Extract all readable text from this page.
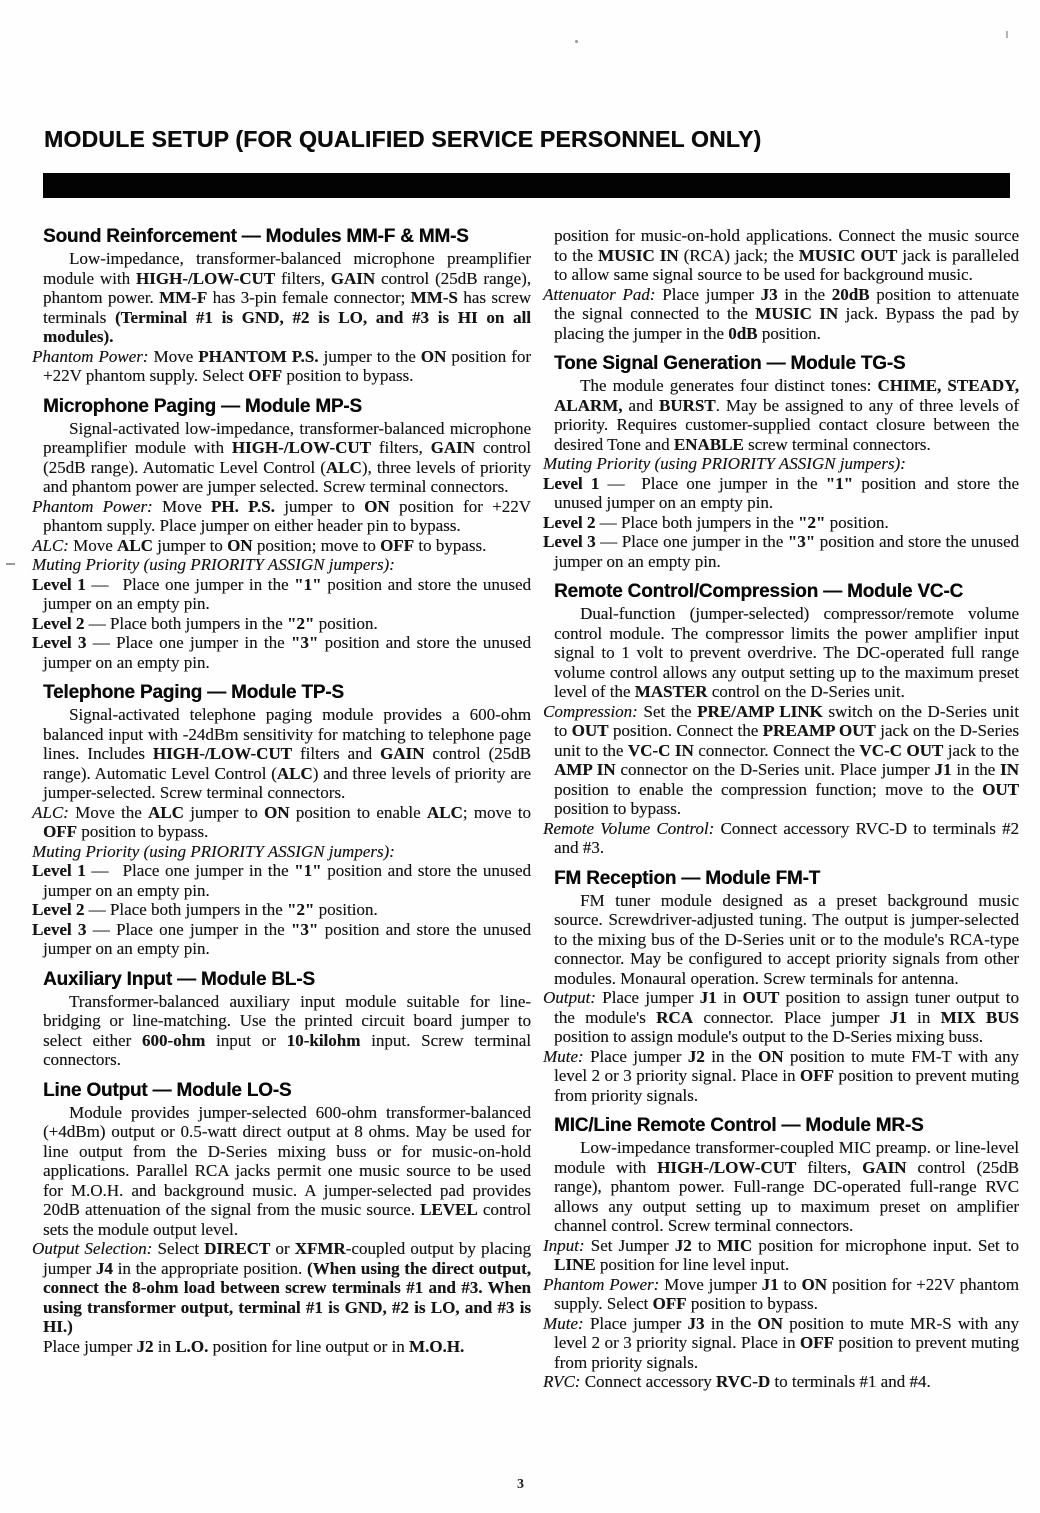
MODULE SETUP (FOR QUALIFIED SERVICE PERSONNEL ONLY)
Sound Reinforcement — Modules MM-F & MM-S

Low-impedance, transformer-balanced microphone preamplifier module with HIGH-/LOW-CUT filters, GAIN control (25dB range), phantom power. MM-F has 3-pin female connector; MM-S has screw terminals (Terminal #1 is GND, #2 is LO, and #3 is HI on all modules).

Phantom Power: Move PHANTOM P.S. jumper to the ON position for +22V phantom supply. Select OFF position to bypass.

Microphone Paging — Module MP-S

Signal-activated low-impedance, transformer-balanced microphone preamplifier module with HIGH-/LOW-CUT filters, GAIN control (25dB range). Automatic Level Control (ALC), three levels of priority and phantom power are jumper selected. Screw terminal connectors.

Phantom Power: Move PH. P.S. jumper to ON position for +22V phantom supply. Place jumper on either header pin to bypass.

ALC: Move ALC jumper to ON position; move to OFF to bypass.

Muting Priority (using PRIORITY ASSIGN jumpers):

Level 1 —  Place one jumper in the "1" position and store the unused jumper on an empty pin.

Level 2 — Place both jumpers in the "2" position.

Level 3 — Place one jumper in the "3" position and store the unused jumper on an empty pin.

Telephone Paging — Module TP-S

Signal-activated telephone paging module provides a 600-ohm balanced input with -24dBm sensitivity for matching to telephone page lines. Includes HIGH-/LOW-CUT filters and GAIN control (25dB range). Automatic Level Control (ALC) and three levels of priority are jumper-selected. Screw terminal connectors.

ALC: Move the ALC jumper to ON position to enable ALC; move to OFF position to bypass.

Muting Priority (using PRIORITY ASSIGN jumpers):

Level 1 —  Place one jumper in the "1" position and store the unused jumper on an empty pin.

Level 2 — Place both jumpers in the "2" position.

Level 3 — Place one jumper in the "3" position and store the unused jumper on an empty pin.

Auxiliary Input — Module BL-S

Transformer-balanced auxiliary input module suitable for line-bridging or line-matching. Use the printed circuit board jumper to select either 600-ohm input or 10-kilohm input. Screw terminal connectors.

Line Output — Module LO-S

Module provides jumper-selected 600-ohm transformer-balanced (+4dBm) output or 0.5-watt direct output at 8 ohms. May be used for line output from the D-Series mixing buss or for music-on-hold applications. Parallel RCA jacks permit one music source to be used for M.O.H. and background music. A jumper-selected pad provides 20dB attenuation of the signal from the music source. LEVEL control sets the module output level.

Output Selection: Select DIRECT or XFMR-coupled output by placing jumper J4 in the appropriate position. (When using the direct output, connect the 8-ohm load between screw terminals #1 and #3. When using transformer output, terminal #1 is GND, #2 is LO, and #3 is HI.)

Place jumper J2 in L.O. position for line output or in M.O.H.

position for music-on-hold applications. Connect the music source to the MUSIC IN (RCA) jack; the MUSIC OUT jack is paralleled to allow same signal source to be used for background music.

Attenuator Pad: Place jumper J3 in the 20dB position to attenuate the signal connected to the MUSIC IN jack. Bypass the pad by placing the jumper in the 0dB position.

Tone Signal Generation — Module TG-S

The module generates four distinct tones: CHIME, STEADY, ALARM, and BURST. May be assigned to any of three levels of priority. Requires customer-supplied contact closure between the desired Tone and ENABLE screw terminal connectors.

Muting Priority (using PRIORITY ASSIGN jumpers):

Level 1 —  Place one jumper in the "1" position and store the unused jumper on an empty pin.

Level 2 — Place both jumpers in the "2" position.

Level 3 — Place one jumper in the "3" position and store the unused jumper on an empty pin.

Remote Control/Compression — Module VC-C

Dual-function (jumper-selected) compressor/remote volume control module. The compressor limits the power amplifier input signal to 1 volt to prevent overdrive. The DC-operated full range volume control allows any output setting up to the maximum preset level of the MASTER control on the D-Series unit.

Compression: Set the PRE/AMP LINK switch on the D-Series unit to OUT position. Connect the PREAMP OUT jack on the D-Series unit to the VC-C IN connector. Connect the VC-C OUT jack to the AMP IN connector on the D-Series unit. Place jumper J1 in the IN position to enable the compression function; move to the OUT position to bypass.

Remote Volume Control: Connect accessory RVC-D to terminals #2 and #3.

FM Reception — Module FM-T

FM tuner module designed as a preset background music source. Screwdriver-adjusted tuning. The output is jumper-selected to the mixing bus of the D-Series unit or to the module's RCA-type connector. May be configured to accept priority signals from other modules. Monaural operation. Screw terminals for antenna.

Output: Place jumper J1 in OUT position to assign tuner output to the module's RCA connector. Place jumper J1 in MIX BUS position to assign module's output to the D-Series mixing buss.

Mute: Place jumper J2 in the ON position to mute FM-T with any level 2 or 3 priority signal. Place in OFF position to prevent muting from priority signals.

MIC/Line Remote Control — Module MR-S

Low-impedance transformer-coupled MIC preamp. or line-level module with HIGH-/LOW-CUT filters, GAIN control (25dB range), phantom power. Full-range DC-operated full-range RVC allows any output setting up to maximum preset on amplifier channel control. Screw terminal connectors.

Input: Set Jumper J2 to MIC position for microphone input. Set to LINE position for line level input.

Phantom Power: Move jumper J1 to ON position for +22V phantom supply. Select OFF position to bypass.

Mute: Place jumper J3 in the ON position to mute MR-S with any level 2 or 3 priority signal. Place in OFF position to prevent muting from priority signals.

RVC: Connect accessory RVC-D to terminals #1 and #4.

3
